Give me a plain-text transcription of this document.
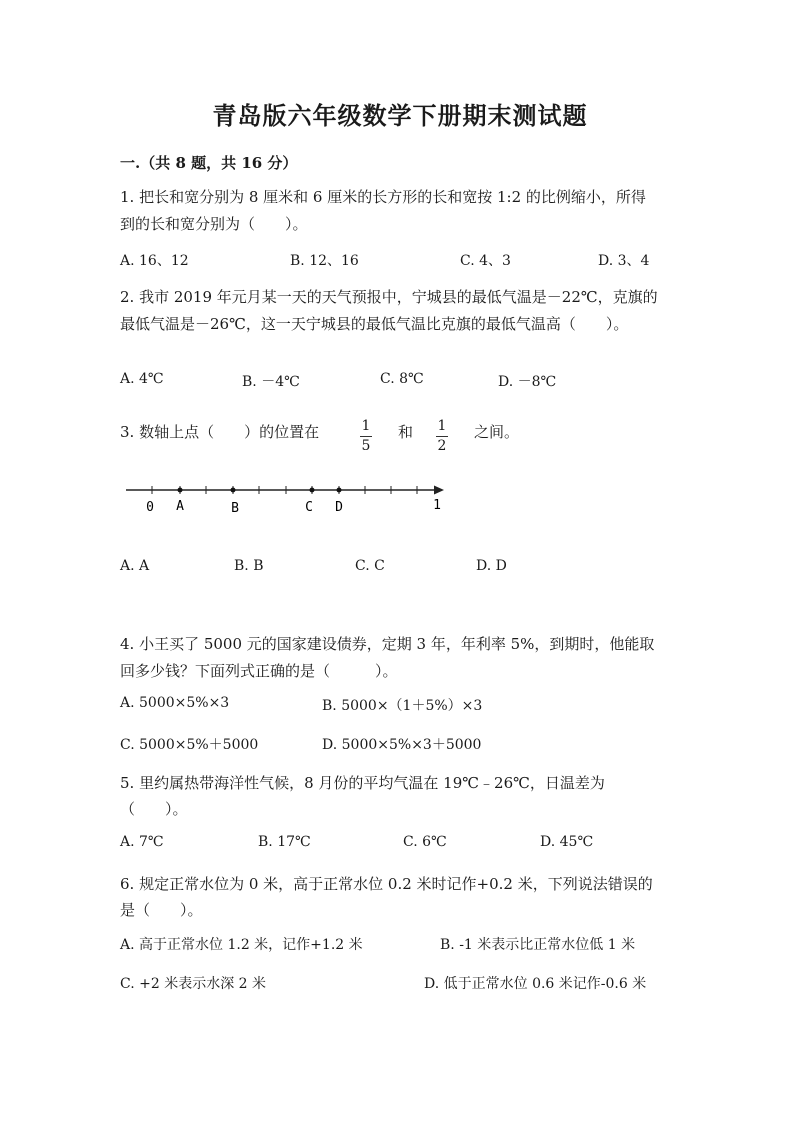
青岛版六年级数学下册期末测试题
一.（共 8 题，共 16 分）
1. 把长和宽分别为 8 厘米和 6 厘米的长方形的长和宽按 1:2 的比例缩小，所得
到的长和宽分别为（　　）。
A. 16、12	B. 12、16	C. 4、3	D. 3、4
2. 我市 2019 年元月某一天的天气预报中，宁城县的最低气温是－22℃，克旗的
最低气温是－26℃，这一天宁城县的最低气温比克旗的最低气温高（　　）。
A. 4℃	B. －4℃	C. 8℃	D. －8℃
3. 数轴上点（　　）的位置在	1
5
和 1
2
之间。
0 A	B	C D	1
A. A	B. B	C. C	D. D
4. 小王买了 5000 元的国家建设债券，定期 3 年，年利率 5%，到期时，他能取
回多少钱？下面列式正确的是（　　　）。
A. 5000×5%×3	B. 5000×（1＋5%）×3
C. 5000×5%＋5000	D. 5000×5%×3＋5000
5. 里约属热带海洋性气候，8 月份的平均气温在 19℃﹣26℃，日温差为
（　　）。
A. 7℃	B. 17℃	C. 6℃	D. 45℃
6. 规定正常水位为 0 米，高于正常水位 0.2 米时记作+0.2 米，下列说法错误的
是（　　）。
A. 高于正常水位 1.2 米，记作+1.2 米	B. -1 米表示比正常水位低 1 米
C. +2 米表示水深 2 米	D. 低于正常水位 0.6 米记作-0.6 米
